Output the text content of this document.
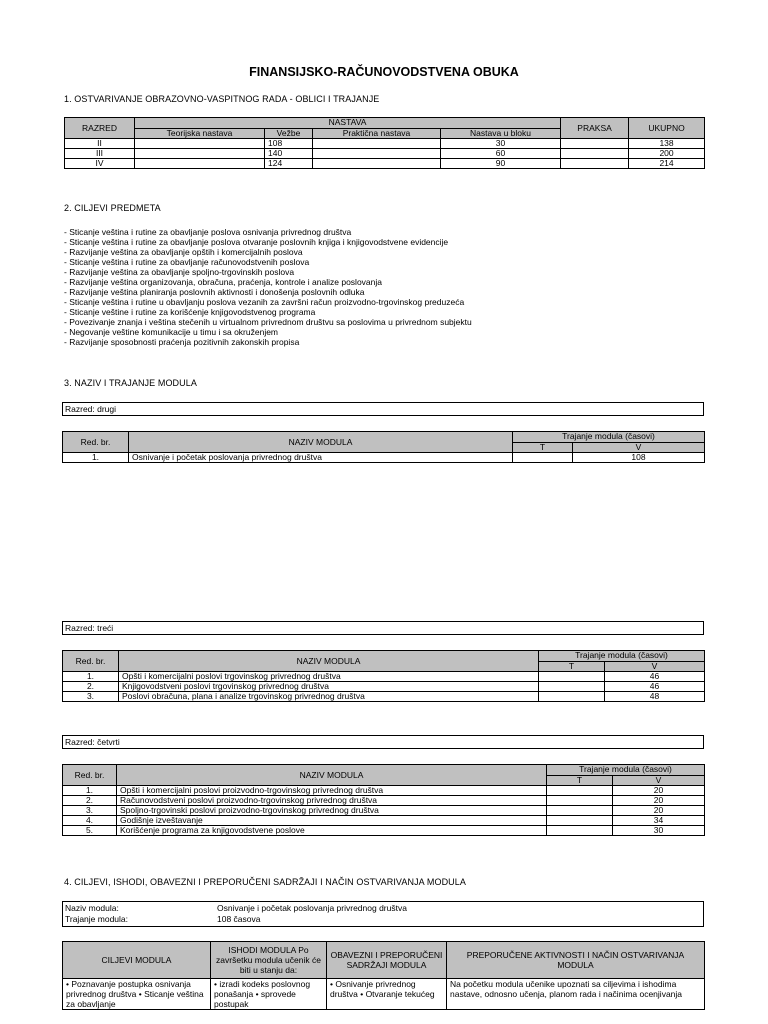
FINANSIJSKO-RAČUNOVODSTVENA OBUKA
1. OSTVARIVANJE OBRAZOVNO-VASPITNOG RADA - OBLICI I TRAJANJE
RAZRED	NASTAVA				PRAKSA	UKUPNO
	Teorijska nastava	Vežbe	Praktična nastava	Nastava u bloku		
II		108		30		138
III		140		60		200
IV		124		90		214
2. CILJEVI PREDMETA
- Sticanje veština i rutine za obavljanje poslova osnivanja privrednog društva
- Sticanje veština i rutine za obavljanje poslova otvaranje poslovnih knjiga i knjigovodstvene evidencije
- Razvijanje veština za obavljanje opštih i komercijalnih poslova
- Sticanje veština i rutine za obavljanje računovodstvenih poslova
- Razvijanje veština za obavljanje spoljno-trgovinskih poslova
- Razvijanje veština organizovanja, obračuna, praćenja, kontrole i analize poslovanja
- Razvijanje veština planiranja poslovnih aktivnosti i donošenja poslovnih odluka
- Sticanje veština i rutine u obavljanju poslova vezanih za završni račun proizvodno-trgovinskog preduzeća
- Sticanje veštine i rutine za korišćenje knjigovodstvenog programa
- Povezivanje znanja i veština stečenih u virtualnom privrednom društvu sa poslovima u privrednom subjektu
- Negovanje veštine komunikacije u timu i sa okruženjem
- Razvijanje sposobnosti praćenja pozitivnih zakonskih propisa
3. NAZIV I TRAJANJE MODULA
Razred: drugi
Red. br.	NAZIV MODULA	Trajanje modula (časovi)	
		T	V
1.	Osnivanje i početak poslovanja privrednog društva		108
Razred: treći
Red. br.	NAZIV MODULA	Trajanje modula (časovi)	
		T	V
1.	Opšti i komercijalni poslovi trgovinskog privrednog društva		46
2.	Knjigovodstveni poslovi trgovinskog privrednog društva		46
3.	Poslovi obračuna, plana i analize trgovinskog privrednog društva		48
Razred: četvrti
Red. br.	NAZIV MODULA	Trajanje modula (časovi)	
		T	V
1.	Opšti i komercijalni poslovi proizvodno-trgovinskog privrednog društva		20
2.	Računovodstveni poslovi proizvodno-trgovinskog privrednog društva		20
3.	Spoljno-trgovinski poslovi proizvodno-trgovinskog privrednog društva		20
4.	Godišnje izveštavanje		34
5.	Korišćenje programa za knjigovodstvene poslove		30
4. CILJEVI, ISHODI, OBAVEZNI I PREPORUČENI SADRŽAJI I NAČIN OSTVARIVANJA MODULA
Naziv modula:	Osnivanje i početak poslovanja privrednog društva
Trajanje modula:	108 časova
CILJEVI MODULA	ISHODI MODULA Po završetku modula učenik će biti u stanju da:	OBAVEZNI I PREPORUČENI SADRŽAJI MODULA	PREPORUČENE AKTIVNOSTI I NAČIN OSTVARIVANJA MODULA
• Poznavanje postupka osnivanja privrednog društva • Sticanje veština za obavljanje	• izradi kodeks poslovnog ponašanja • sprovede postupak	• Osnivanje privrednog društva • Otvaranje tekućeg	Na početku modula učenike upoznati sa ciljevima i ishodima nastave, odnosno učenja, planom rada i načinima ocenjivanja
